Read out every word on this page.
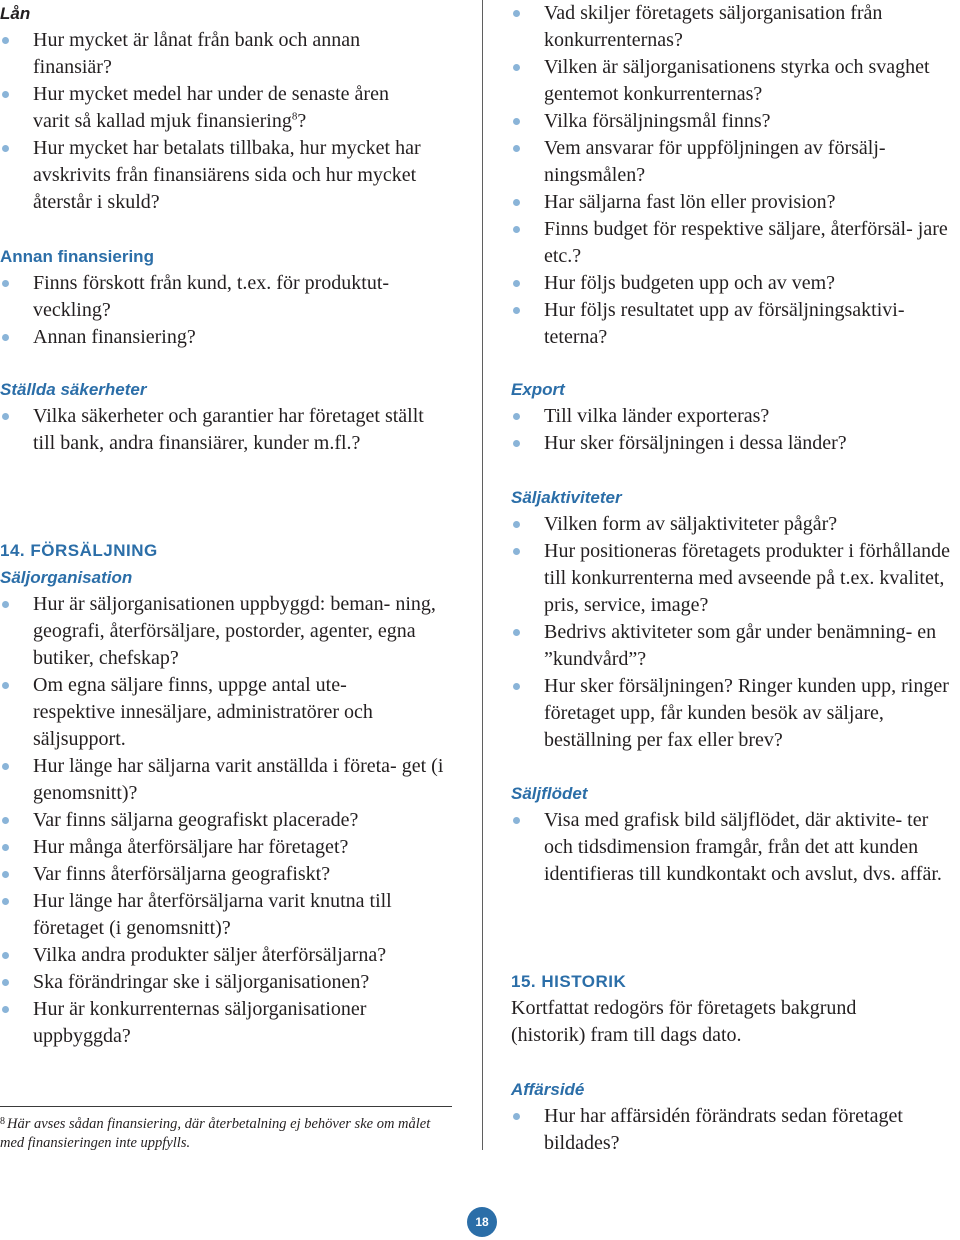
Lån
Hur mycket är lånat från bank och annan finansiär?
Hur mycket medel har under de senaste åren varit så kallad mjuk finansiering$^8$?
Hur mycket har betalats tillbaka, hur mycket har avskrivits från finansiärens sida och hur mycket återstår i skuld?
Annan finansiering
Finns förskott från kund, t.ex. för produktut- veckling?
Annan finansiering?
Ställda säkerheter
Vilka säkerheter och garantier har företaget ställt till bank, andra finansiärer, kunder m.fl.?
14. FÖRSÄLJNING
Säljorganisation
Hur är säljorganisationen uppbyggd: beman- ning, geografi, återförsäljare, postorder, agenter, egna butiker, chefskap?
Om egna säljare finns, uppge antal ute- respektive innesäljare, administratörer och säljsupport.
Hur länge har säljarna varit anställda i företa- get (i genomsnitt)?
Var finns säljarna geografiskt placerade?
Hur många återförsäljare har företaget?
Var finns återförsäljarna geografiskt?
Hur länge har återförsäljarna varit knutna till företaget (i genomsnitt)?
Vilka andra produkter säljer återförsäljarna?
Ska förändringar ske i säljorganisationen?
Hur är konkurrenternas säljorganisationer uppbyggda?

$^8$ Här avses sådan finansiering, där återbetalning ej behöver ske om målet med finansieringen inte uppfylls.

Vad skiljer företagets säljorganisation från konkurrenternas?
Vilken är säljorganisationens styrka och svaghet gentemot konkurrenternas?
Vilka försäljningsmål finns?
Vem ansvarar för uppföljningen av försälj- ningsmålen?
Har säljarna fast lön eller provision?
Finns budget för respektive säljare, återförsäl- jare etc.?
Hur följs budgeten upp och av vem?
Hur följs resultatet upp av försäljningsaktivi- teterna?
Export
Till vilka länder exporteras?
Hur sker försäljningen i dessa länder?
Säljaktiviteter
Vilken form av säljaktiviteter pågår?
Hur positioneras företagets produkter i förhållande till konkurrenterna med avseende på t.ex. kvalitet, pris, service, image?
Bedrivs aktiviteter som går under benämning- en ”kundvård”?
Hur sker försäljningen? Ringer kunden upp, ringer företaget upp, får kunden besök av säljare, beställning per fax eller brev?
Säljflödet
Visa med grafisk bild säljflödet, där aktivite- ter och tidsdimension framgår, från det att kunden identifieras till kundkontakt och avslut, dvs. affär.
15. HISTORIK

Kortfattat redogörs för företagets bakgrund (historik) fram till dags dato.

Affärsidé
Hur har affärsidén förändrats sedan företaget bildades?
18
